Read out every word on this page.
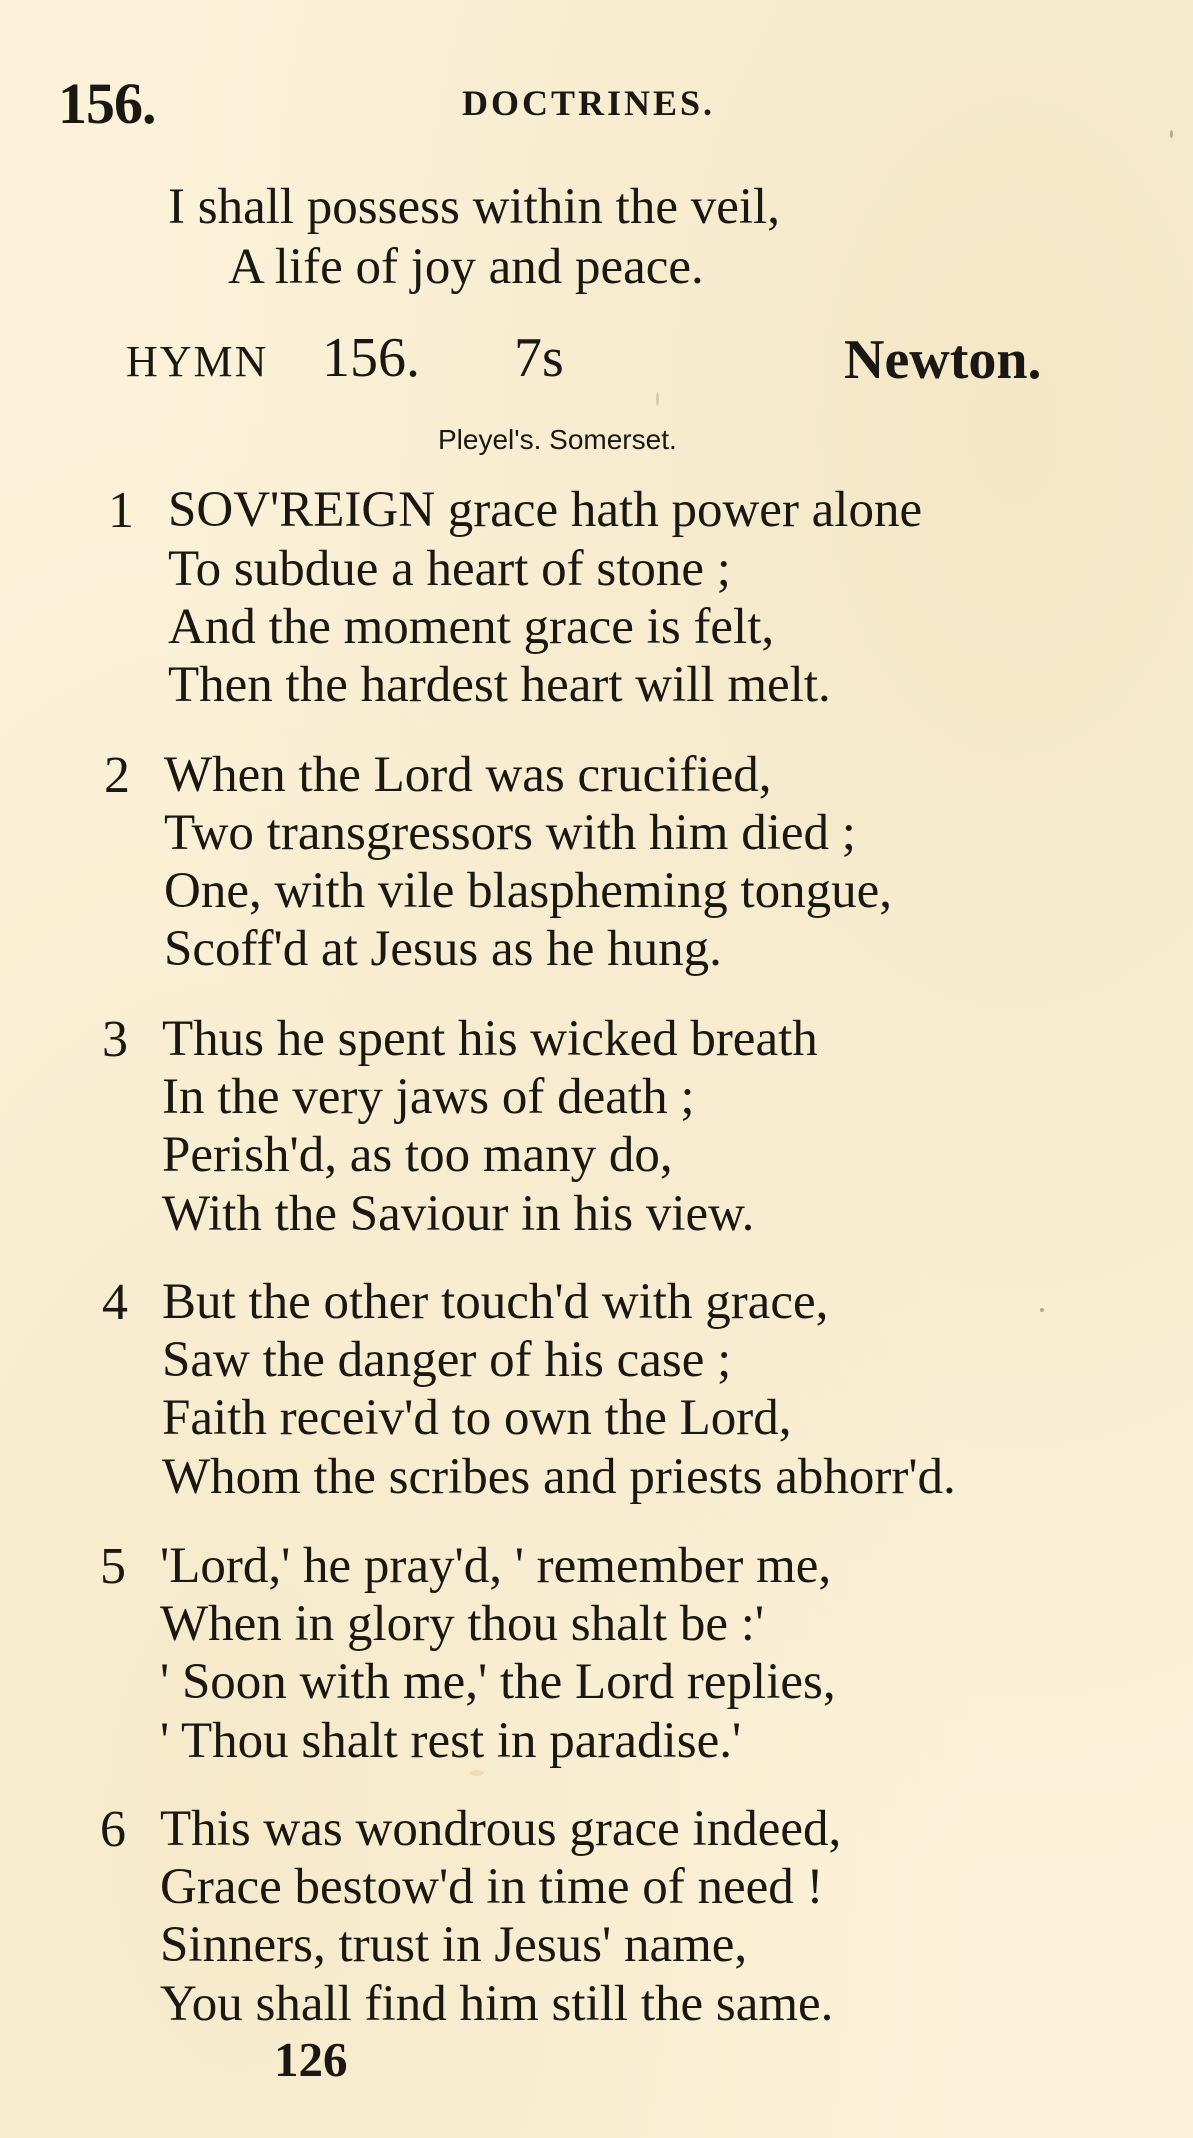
156.	DOCTRINES.
I shall possess within the veil,
A life of joy and peace.
HYMN 156. 7s	Newton.
Pleyel's. Somerset.
1 SOV'REIGN grace hath power alone
To subdue a heart of stone ;
And the moment grace is felt,
Then the hardest heart will melt.
2 When the Lord was crucified,
Two transgressors with him died ;
One, with vile blaspheming tongue,
Scoff'd at Jesus as he hung.
3 Thus he spent his wicked breath
In the very jaws of death ;
Perish'd, as too many do,
With the Saviour in his view.
4 But the other touch'd with grace,
Saw the danger of his case ;
Faith receiv'd to own the Lord,
Whom the scribes and priests abhorr'd.
5 'Lord,' he pray'd, ' remember me,
When in glory thou shalt be :'
' Soon with me,' the Lord replies,
' Thou shalt rest in paradise.'
6 This was wondrous grace indeed,
Grace bestow'd in time of need !
Sinners, trust in Jesus' name,
You shall find him still the same.
126
